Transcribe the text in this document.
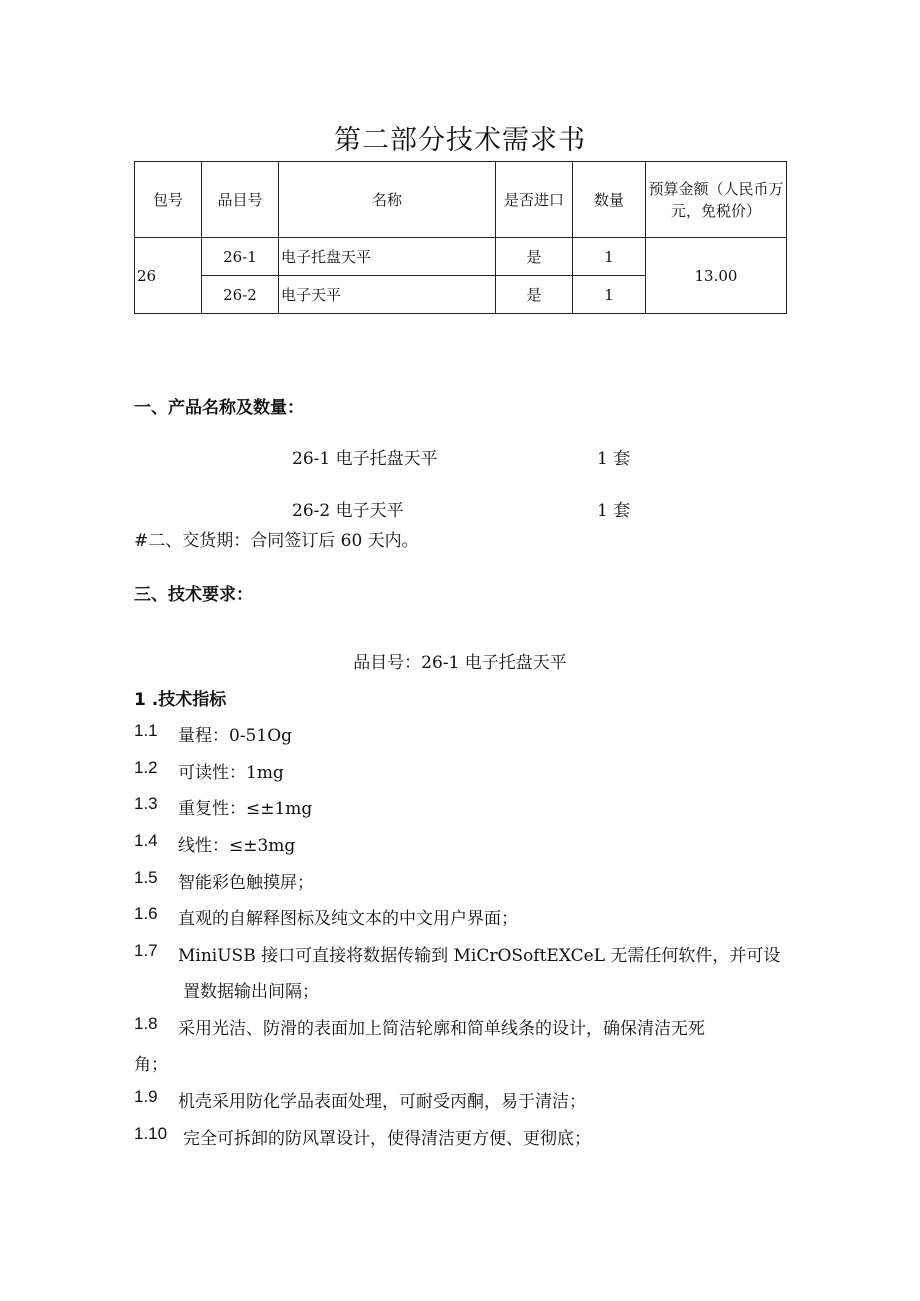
第二部分技术需求书
包号	品目号	名称	是否进口	数量	预算金额（人民币万元，免税价）
26	26-1	电子托盘天平	是	1	13.00
	26-2	电子天平	是	1	
一、产品名称及数量：
26-1 电子托盘天平	1 套
26-2 电子天平	1 套
#二、交货期：合同签订后 60 天内。
三、技术要求：
品目号：26-1 电子托盘天平
1 .技术指标
1.1 量程：0-51Og
1.2 可读性：1mg
1.3 重复性：≤±1mg
1.4 线性：≤±3mg
1.5 智能彩色触摸屏；
1.6 直观的自解释图标及纯文本的中文用户界面；
1.7 MiniUSB 接口可直接将数据传输到 MiCrOSoftEXCeL 无需任何软件，并可设
置数据输出间隔；
1.8 采用光洁、防滑的表面加上简洁轮廓和简单线条的设计，确保清洁无死
角；
1.9 机壳采用防化学品表面处理，可耐受丙酮，易于清洁；
1.10 完全可拆卸的防风罩设计，使得清洁更方便、更彻底；
